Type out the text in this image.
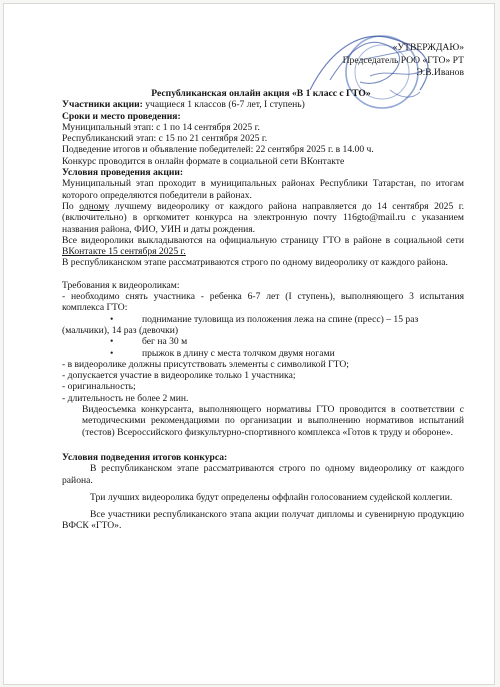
«УТВЕРЖДАЮ»
Председатель РОО «ГТО» РТ
Э.В.Иванов
Республиканская онлайн акция «В 1 класс с ГТО»
Участники акции: учащиеся 1 классов (6-7 лет, I ступень)
Сроки и место проведения:
Муниципальный этап: с 1 по 14 сентября 2025 г.
Республиканский этап: с 15 по 21 сентября 2025 г.
Подведение итогов и объявление победителей: 22 сентября 2025 г. в 14.00 ч.
Конкурс проводится в онлайн формате в социальной сети ВКонтакте
Условия проведения акции:
Муниципальный этап проходит в муниципальных районах Республики Татарстан, по итогам которого определяются победители в районах.
По одному лучшему видеоролику от каждого района направляется до 14 сентября 2025 г. (включительно) в оргкомитет конкурса на электронную почту 116gto@mail.ru с указанием названия района, ФИО, УИН и даты рождения.
Все видеоролики выкладываются на официальную страницу ГТО в районе в социальной сети ВКонтакте 15 сентября 2025 г.
В республиканском этапе рассматриваются строго по одному видеоролику от каждого района.
Требования к видеороликам:
- необходимо снять участника - ребенка 6-7 лет (I ступень), выполняющего 3 испытания комплекса ГТО:
•	поднимание туловища из положения лежа на спине (пресс) – 15 раз
(мальчики), 14 раз (девочки)
•	бег на 30 м
•	прыжок в длину с места толчком двумя ногами
- в видеоролике должны присутствовать элементы с символикой ГТО;
- допускается участие в видеоролике только 1 участника;
- оригинальность;
- длительность не более 2 мин.
Видеосъемка конкурсанта, выполняющего нормативы ГТО проводится в соответствии с методическими рекомендациями по организации и выполнению нормативов испытаний (тестов) Всероссийского физкультурно-спортивного комплекса «Готов к труду и обороне».
Условия подведения итогов конкурса:
В республиканском этапе рассматриваются строго по одному видеоролику от каждого района.
Три лучших видеоролика будут определены оффлайн голосованием судейской коллегии.
Все участники республиканского этапа акции получат дипломы и сувенирную продукцию ВФСК «ГТО».
